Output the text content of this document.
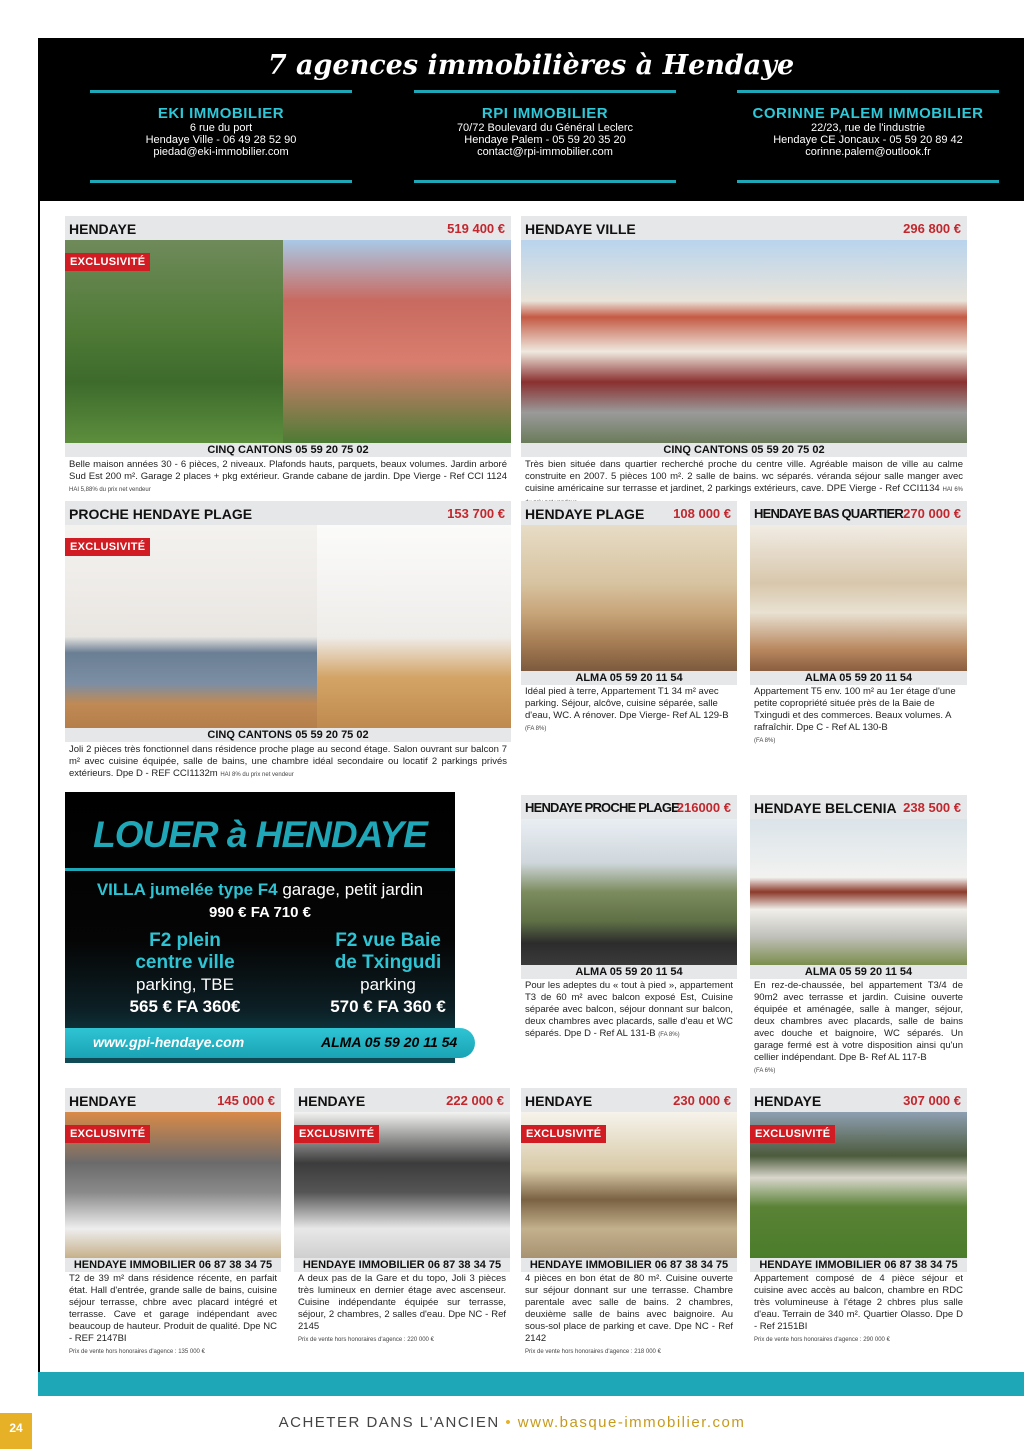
7 agences immobilières à Hendaye
EKI IMMOBILIER
6 rue du port
Hendaye Ville - 06 49 28 52 90
piedad@eki-immobilier.com
RPI IMMOBILIER
70/72 Boulevard du Général Leclerc
Hendaye Palem - 05 59 20 35 20
contact@rpi-immobilier.com
CORINNE PALEM IMMOBILIER
22/23, rue de l'industrie
Hendaye CE Joncaux - 05 59 20 89 42
corinne.palem@outlook.fr
HENDAYE	519 400 €
EXCLUSIVITÉ
CINQ CANTONS 05 59 20 75 02
Belle maison années 30 - 6 pièces, 2 niveaux. Plafonds hauts, parquets, beaux volumes. Jardin arboré Sud Est 200 m². Garage 2 places + pkg extérieur. Grande cabane de jardin. Dpe Vierge - Ref CCI 1124 HAI 5,88% du prix net vendeur
HENDAYE VILLE	296 800 €
CINQ CANTONS 05 59 20 75 02
Très bien située dans quartier recherché proche du centre ville. Agréable maison de ville au calme construite en 2007. 5 pièces 100 m². 2 salle de bains. wc séparés. véranda séjour salle manger avec cuisine américaine sur terrasse et jardinet, 2 parkings extérieurs, cave. DPE Vierge - Ref CCI1134 HAI 6%
PROCHE HENDAYE PLAGE	153 700 €
EXCLUSIVITÉ
CINQ CANTONS 05 59 20 75 02
Joli 2 pièces très fonctionnel dans résidence proche plage au second étage. Salon ouvrant sur balcon 7 m² avec cuisine équipée, salle de bains, une chambre idéal secondaire ou locatif 2 parkings privés extérieurs. Dpe D - REF CCI1132m HAI 8% du prix net vendeur
HENDAYE PLAGE 108 000 €
ALMA 05 59 20 11 54
Idéal pied à terre, Appartement T1 34 m² avec parking. Séjour, alcôve, cuisine séparée, salle d'eau, WC. A rénover. Dpe Vierge- Ref AL 129-B
(FA 8%)
HENDAYE BAS QUARTIER 270 000 €
ALMA 05 59 20 11 54
Appartement T5 env. 100 m² au 1er étage d'une petite copropriété située près de la Baie de Txingudi et des commerces. Beaux volumes. A rafraîchir. Dpe C - Ref AL 130-B
(FA 8%)
LOUER à HENDAYE
VILLA jumelée type F4 garage, petit jardin
990 € FA 710 €
F2 plein
centre ville
parking, TBE
565 € FA 360€
F2 vue Baie
de Txingudi
parking
570 € FA 360 €
www.gpi-hendaye.com	ALMA 05 59 20 11 54
HENDAYE PROCHE PLAGE
216000 €
ALMA 05 59 20 11 54
Pour les adeptes du « tout à pied », appartement T3 de 60 m² avec balcon exposé Est, Cuisine séparée avec balcon, séjour donnant sur balcon, deux chambres avec placards, salle d'eau et WC séparés. Dpe D - Ref AL 131-B (FA 8%)
HENDAYE BELCENIA 238 500 €
ALMA 05 59 20 11 54
En rez-de-chaussée, bel appartement T3/4 de 90m2 avec terrasse et jardin. Cuisine ouverte équipée et aménagée, salle à manger, séjour, deux chambres avec placards, salle de bains avec douche et baignoire, WC séparés. Un garage fermé est à votre disposition ainsi qu'un cellier indépendant. Dpe B- Ref AL 117-B
(FA 6%)
HENDAYE	145 000 €
EXCLUSIVITÉ
HENDAYE IMMOBILIER 06 87 38 34 75
T2 de 39 m² dans résidence récente, en parfait état. Hall d'entrée, grande salle de bains, cuisine séjour terrasse, chbre avec placard intégré et terrasse. Cave et garage indépendant avec beaucoup de hauteur. Produit de qualité. Dpe NC - REF 2147BI
Prix de vente hors honoraires d'agence : 135 000 €
HENDAYE	222 000 €
EXCLUSIVITÉ
HENDAYE IMMOBILIER 06 87 38 34 75
A deux pas de la Gare et du topo, Joli 3 pièces très lumineux en dernier étage avec ascenseur. Cuisine indépendante équipée sur terrasse, séjour, 2 chambres, 2 salles d'eau. Dpe NC - Ref 2145
Prix de vente hors honoraires d'agence : 220 000 €
HENDAYE	230 000 €
EXCLUSIVITÉ
HENDAYE IMMOBILIER 06 87 38 34 75
4 pièces en bon état de 80 m². Cuisine ouverte sur séjour donnant sur une terrasse. Chambre parentale avec salle de bains. 2 chambres, deuxième salle de bains avec baignoire. Au sous-sol place de parking et cave. Dpe NC - Ref 2142
Prix de vente hors honoraires d'agence : 218 000 €
HENDAYE	307 000 €
EXCLUSIVITÉ
HENDAYE IMMOBILIER 06 87 38 34 75
Appartement composé de 4 pièce séjour et cuisine avec accès au balcon, chambre en RDC très volumineuse à l'étage 2 chbres plus salle d'eau. Terrain de 340 m². Quartier Olasso. Dpe D - Ref 2151BI
Prix de vente hors honoraires d'agence : 290 000 €
24	ACHETER DANS L'ANCIEN • www.basque-immobilier.com
